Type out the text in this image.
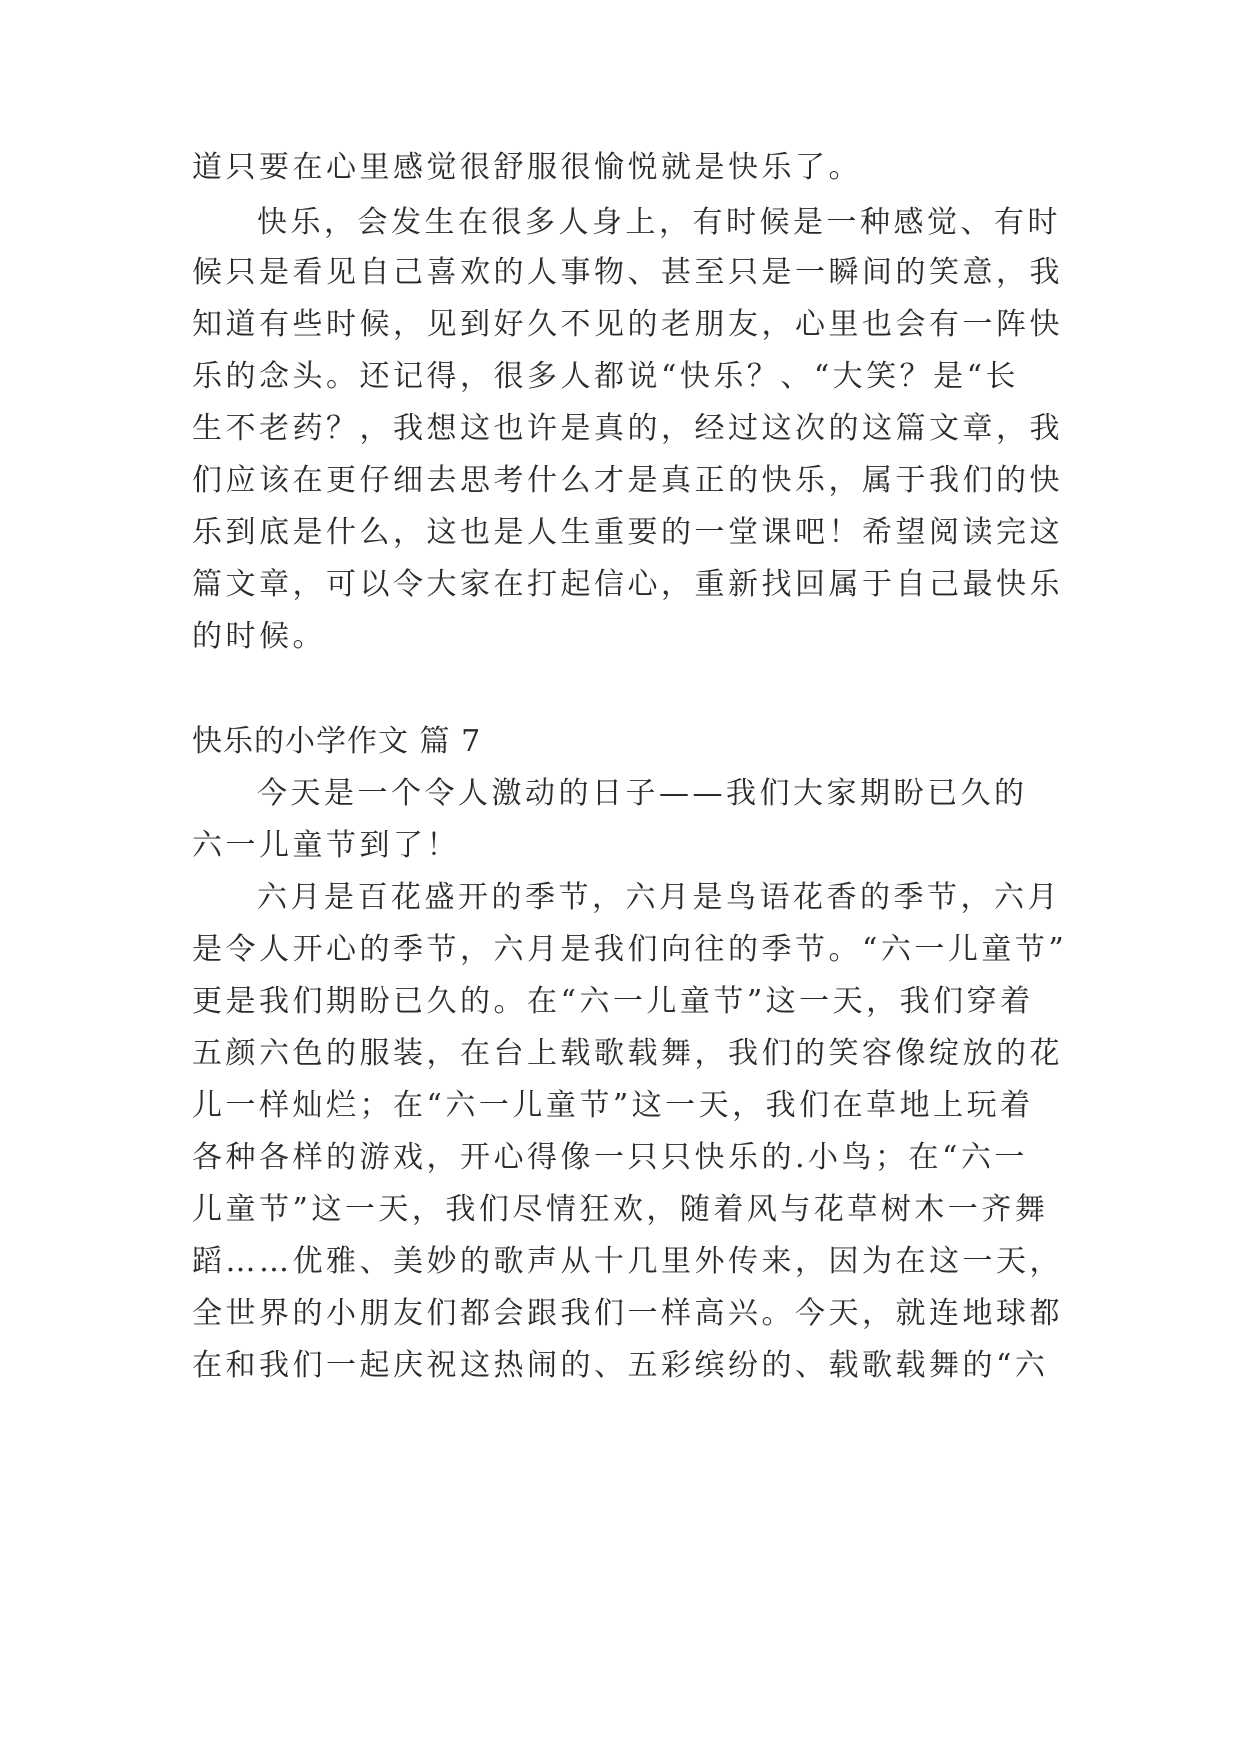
道只要在心里感觉很舒服很愉悦就是快乐了。
快乐，会发生在很多人身上，有时候是一种感觉、有时
候只是看见自己喜欢的人事物、甚至只是一瞬间的笑意，我
知道有些时候，见到好久不见的老朋友，心里也会有一阵快
乐的念头。还记得，很多人都说“快乐？、“大笑？是“长
生不老药？，我想这也许是真的，经过这次的这篇文章，我
们应该在更仔细去思考什么才是真正的快乐，属于我们的快
乐到底是什么，这也是人生重要的一堂课吧！希望阅读完这
篇文章，可以令大家在打起信心，重新找回属于自己最快乐
的时候。
快乐的小学作文 篇 7
今天是一个令人激动的日子——我们大家期盼已久的
六一儿童节到了！
六月是百花盛开的季节，六月是鸟语花香的季节，六月
是令人开心的季节，六月是我们向往的季节。“六一儿童节”
更是我们期盼已久的。在“六一儿童节”这一天，我们穿着
五颜六色的服装，在台上载歌载舞，我们的笑容像绽放的花
儿一样灿烂；在“六一儿童节”这一天，我们在草地上玩着
各种各样的游戏，开心得像一只只快乐的.小鸟；在“六一
儿童节”这一天，我们尽情狂欢，随着风与花草树木一齐舞
蹈……优雅、美妙的歌声从十几里外传来，因为在这一天，
全世界的小朋友们都会跟我们一样高兴。今天，就连地球都
在和我们一起庆祝这热闹的、五彩缤纷的、载歌载舞的“六
